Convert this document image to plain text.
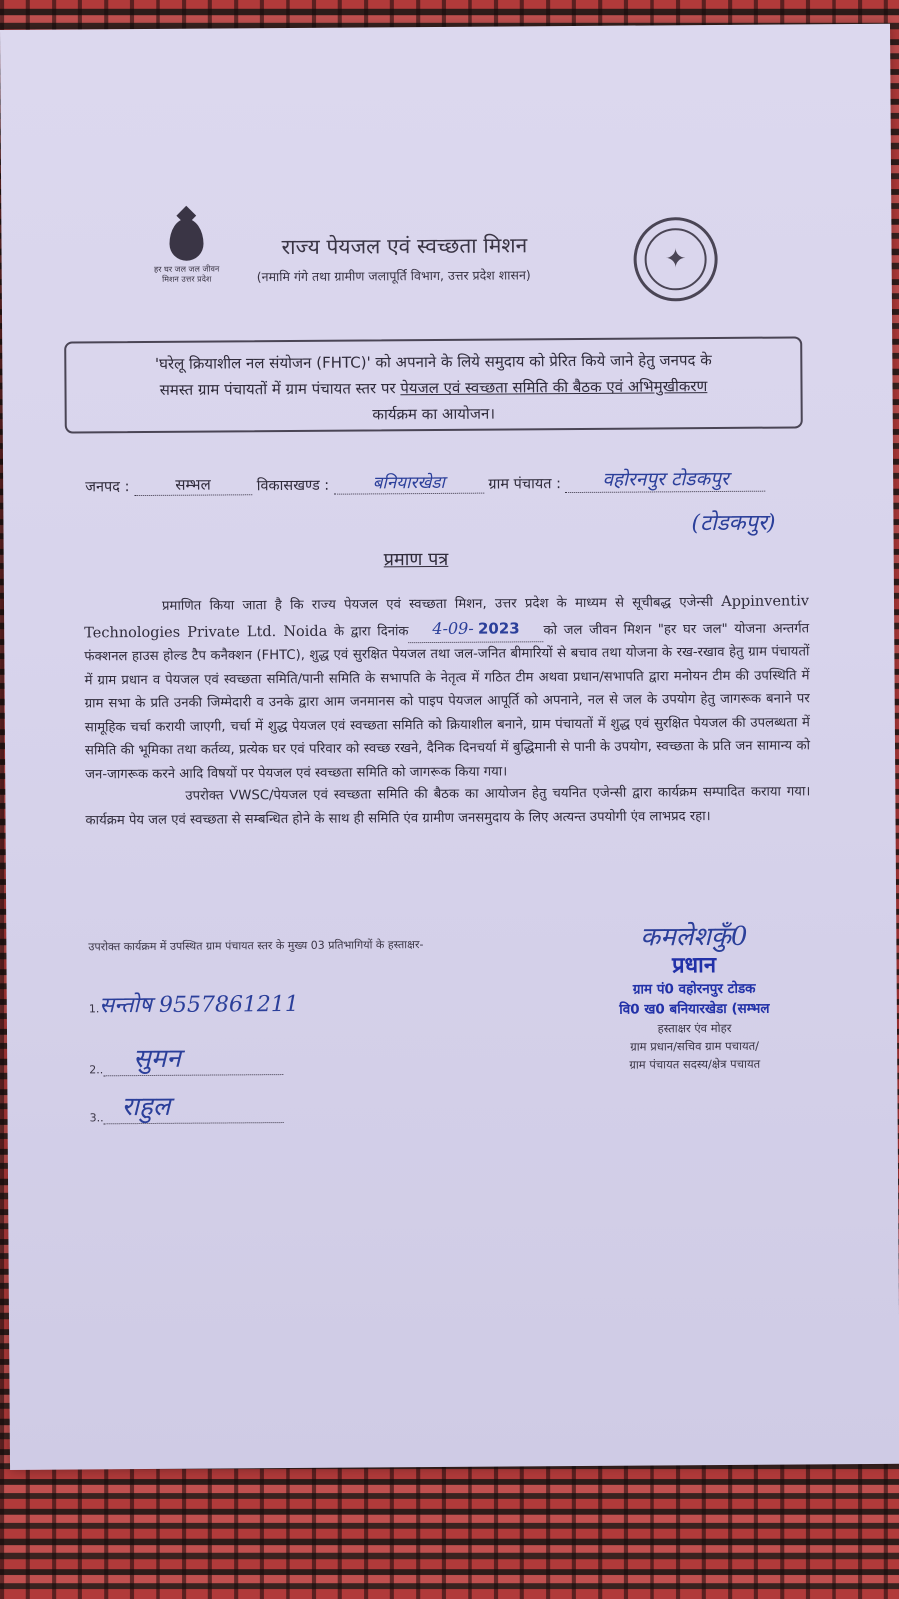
हर घर जल जल जीवन मिशन उत्तर प्रदेश
राज्य पेयजल एवं स्वच्छता मिशन
(नमामि गंगे तथा ग्रामीण जलापूर्ति विभाग, उत्तर प्रदेश शासन)
✦
'घरेलू क्रियाशील नल संयोजन (FHTC)' को अपनाने के लिये समुदाय को प्रेरित किये जाने हेतु जनपद के
समस्त ग्राम पंचायतों में ग्राम पंचायत स्तर पर पेयजल एवं स्वच्छता समिति की बैठक एवं अभिमुखीकरण
कार्यक्रम का आयोजन।
जनपद :	सम्भल	विकासखण्ड :	बनियारखेडा	ग्राम पंचायत : वहोरनपुर टोडकपुर
(टोडकपुर)
प्रमाण पत्र
प्रमाणित किया जाता है कि राज्य पेयजल एवं स्वच्छता मिशन, उत्तर प्रदेश के माध्यम से सूचीबद्ध एजेन्सी Appinventiv Technologies Private Ltd. Noida के द्वारा दिनांक 4-09- 2023 को जल जीवन मिशन "हर घर जल" योजना अन्तर्गत फंक्शनल हाउस होल्ड टैप कनैक्शन (FHTC), शुद्ध एवं सुरक्षित पेयजल तथा जल-जनित बीमारियों से बचाव तथा योजना के रख-रखाव हेतु ग्राम पंचायतों में ग्राम प्रधान व पेयजल एवं स्वच्छता समिति/पानी समिति के सभापति के नेतृत्व में गठित टीम अथवा प्रधान/सभापति द्वारा मनोयन टीम की उपस्थिति में ग्राम सभा के प्रति उनकी जिम्मेदारी व उनके द्वारा आम जनमानस को पाइप पेयजल आपूर्ति को अपनाने, नल से जल के उपयोग हेतु जागरूक बनाने पर सामूहिक चर्चा करायी जाएगी, चर्चा में शुद्ध पेयजल एवं स्वच्छता समिति को क्रियाशील बनाने, ग्राम पंचायतों में शुद्ध एवं सुरक्षित पेयजल की उपलब्धता में समिति की भूमिका तथा कर्तव्य, प्रत्येक घर एवं परिवार को स्वच्छ रखने, दैनिक दिनचर्या में बुद्धिमानी से पानी के उपयोग, स्वच्छता के प्रति जन सामान्य को जन-जागरूक करने आदि विषयों पर पेयजल एवं स्वच्छता समिति को जागरूक किया गया।
उपरोक्त VWSC/पेयजल एवं स्वच्छता समिति की बैठक का आयोजन हेतु चयनित एजेन्सी द्वारा कार्यक्रम सम्पादित कराया गया। कार्यक्रम पेय जल एवं स्वच्छता से सम्बन्धित होने के साथ ही समिति एंव ग्रामीण जनसमुदाय के लिए अत्यन्त उपयोगी एंव लाभप्रद रहा।
उपरोक्त कार्यक्रम में उपस्थित ग्राम पंचायत स्तर के मुख्य 03 प्रतिभागियों के हस्ताक्षर-
1.सन्तोष 9557861211
2.. सुमन
3.. राहुल
कमलेशकुँ0
प्रधान
ग्राम पं0 वहोरनपुर टोडक
वि0 ख0 बनियारखेडा (सम्भल
हस्ताक्षर एंव मोहर
ग्राम प्रधान/सचिव ग्राम पचायत/
ग्राम पंचायत सदस्य/क्षेत्र पचायत
